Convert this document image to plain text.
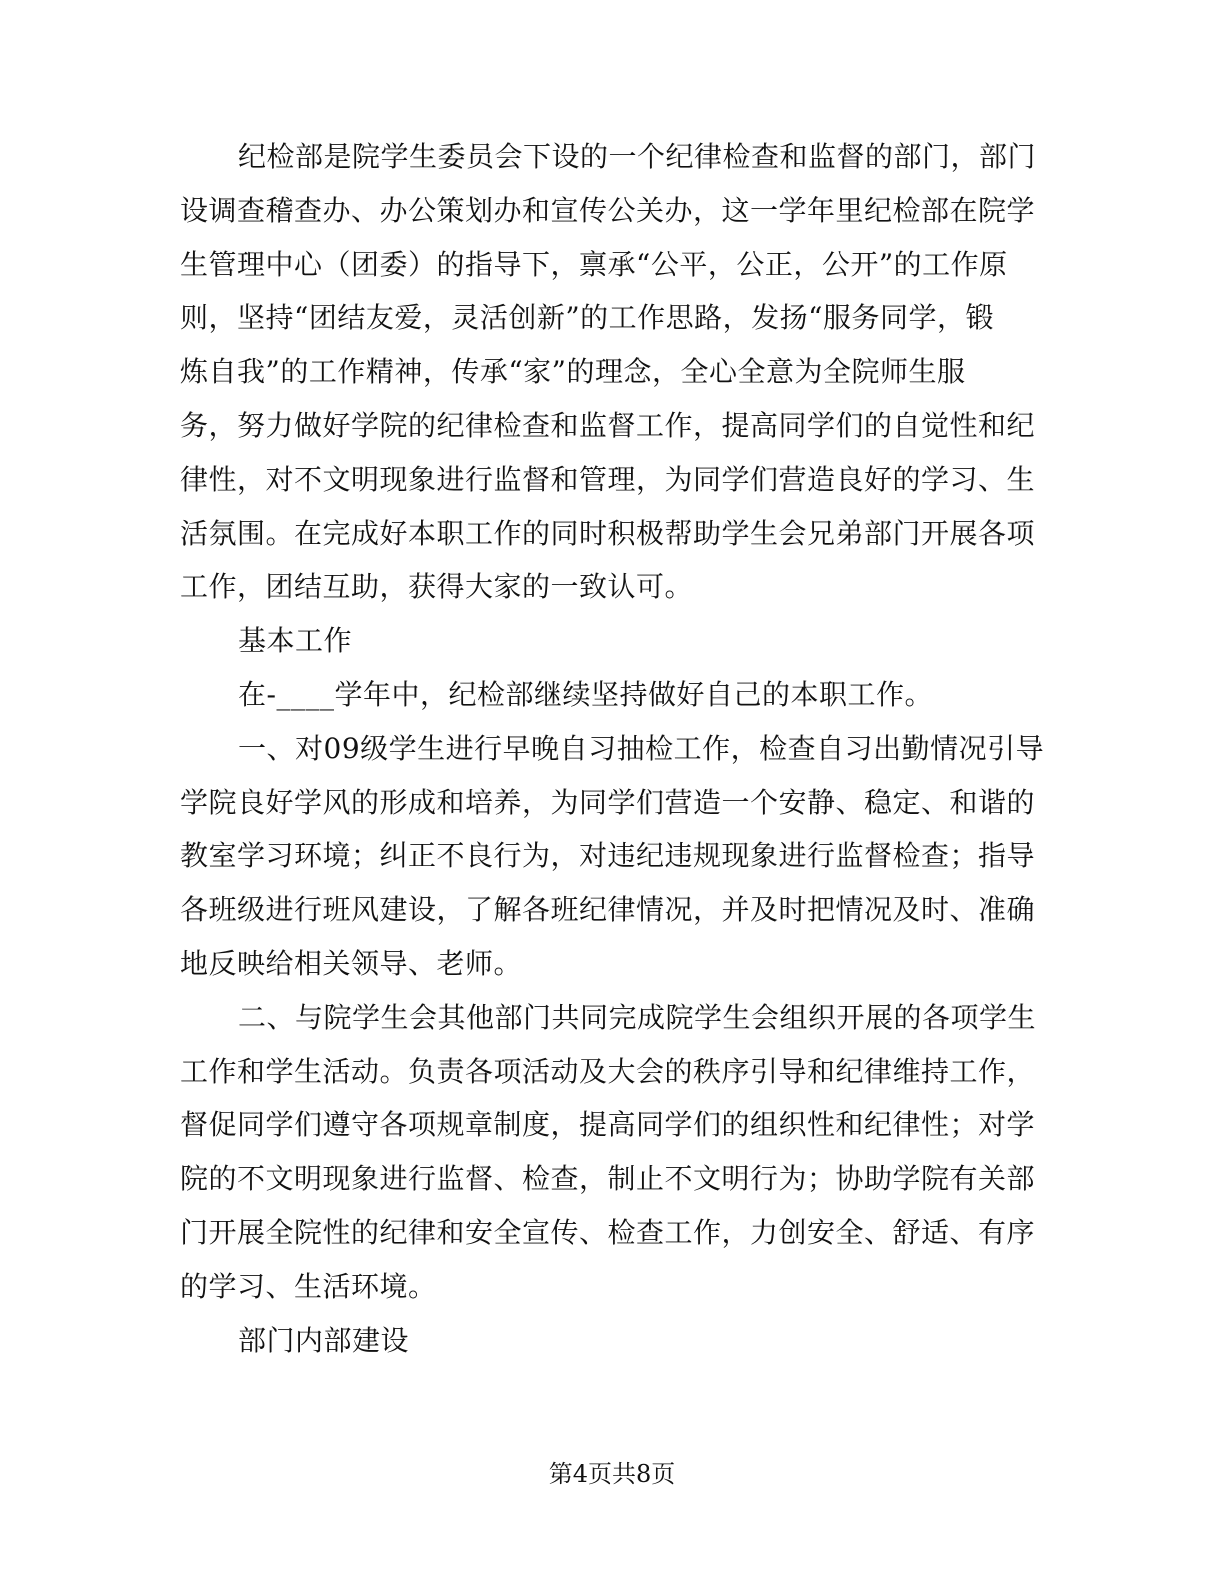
纪检部是院学生委员会下设的一个纪律检查和监督的部门，部门
设调查稽查办、办公策划办和宣传公关办，这一学年里纪检部在院学
生管理中心（团委）的指导下，禀承“公平，公正，公开”的工作原
则，坚持“团结友爱，灵活创新”的工作思路，发扬“服务同学，锻
炼自我”的工作精神，传承“家”的理念，全心全意为全院师生服
务，努力做好学院的纪律检查和监督工作，提高同学们的自觉性和纪
律性，对不文明现象进行监督和管理，为同学们营造良好的学习、生
活氛围。在完成好本职工作的同时积极帮助学生会兄弟部门开展各项
工作，团结互助，获得大家的一致认可。
基本工作
在-____学年中，纪检部继续坚持做好自己的本职工作。
一、对09级学生进行早晚自习抽检工作，检查自习出勤情况引导
学院良好学风的形成和培养，为同学们营造一个安静、稳定、和谐的
教室学习环境；纠正不良行为，对违纪违规现象进行监督检查；指导
各班级进行班风建设，了解各班纪律情况，并及时把情况及时、准确
地反映给相关领导、老师。
二、与院学生会其他部门共同完成院学生会组织开展的各项学生
工作和学生活动。负责各项活动及大会的秩序引导和纪律维持工作，
督促同学们遵守各项规章制度，提高同学们的组织性和纪律性；对学
院的不文明现象进行监督、检查，制止不文明行为；协助学院有关部
门开展全院性的纪律和安全宣传、检查工作，力创安全、舒适、有序
的学习、生活环境。
部门内部建设
第4页共8页
